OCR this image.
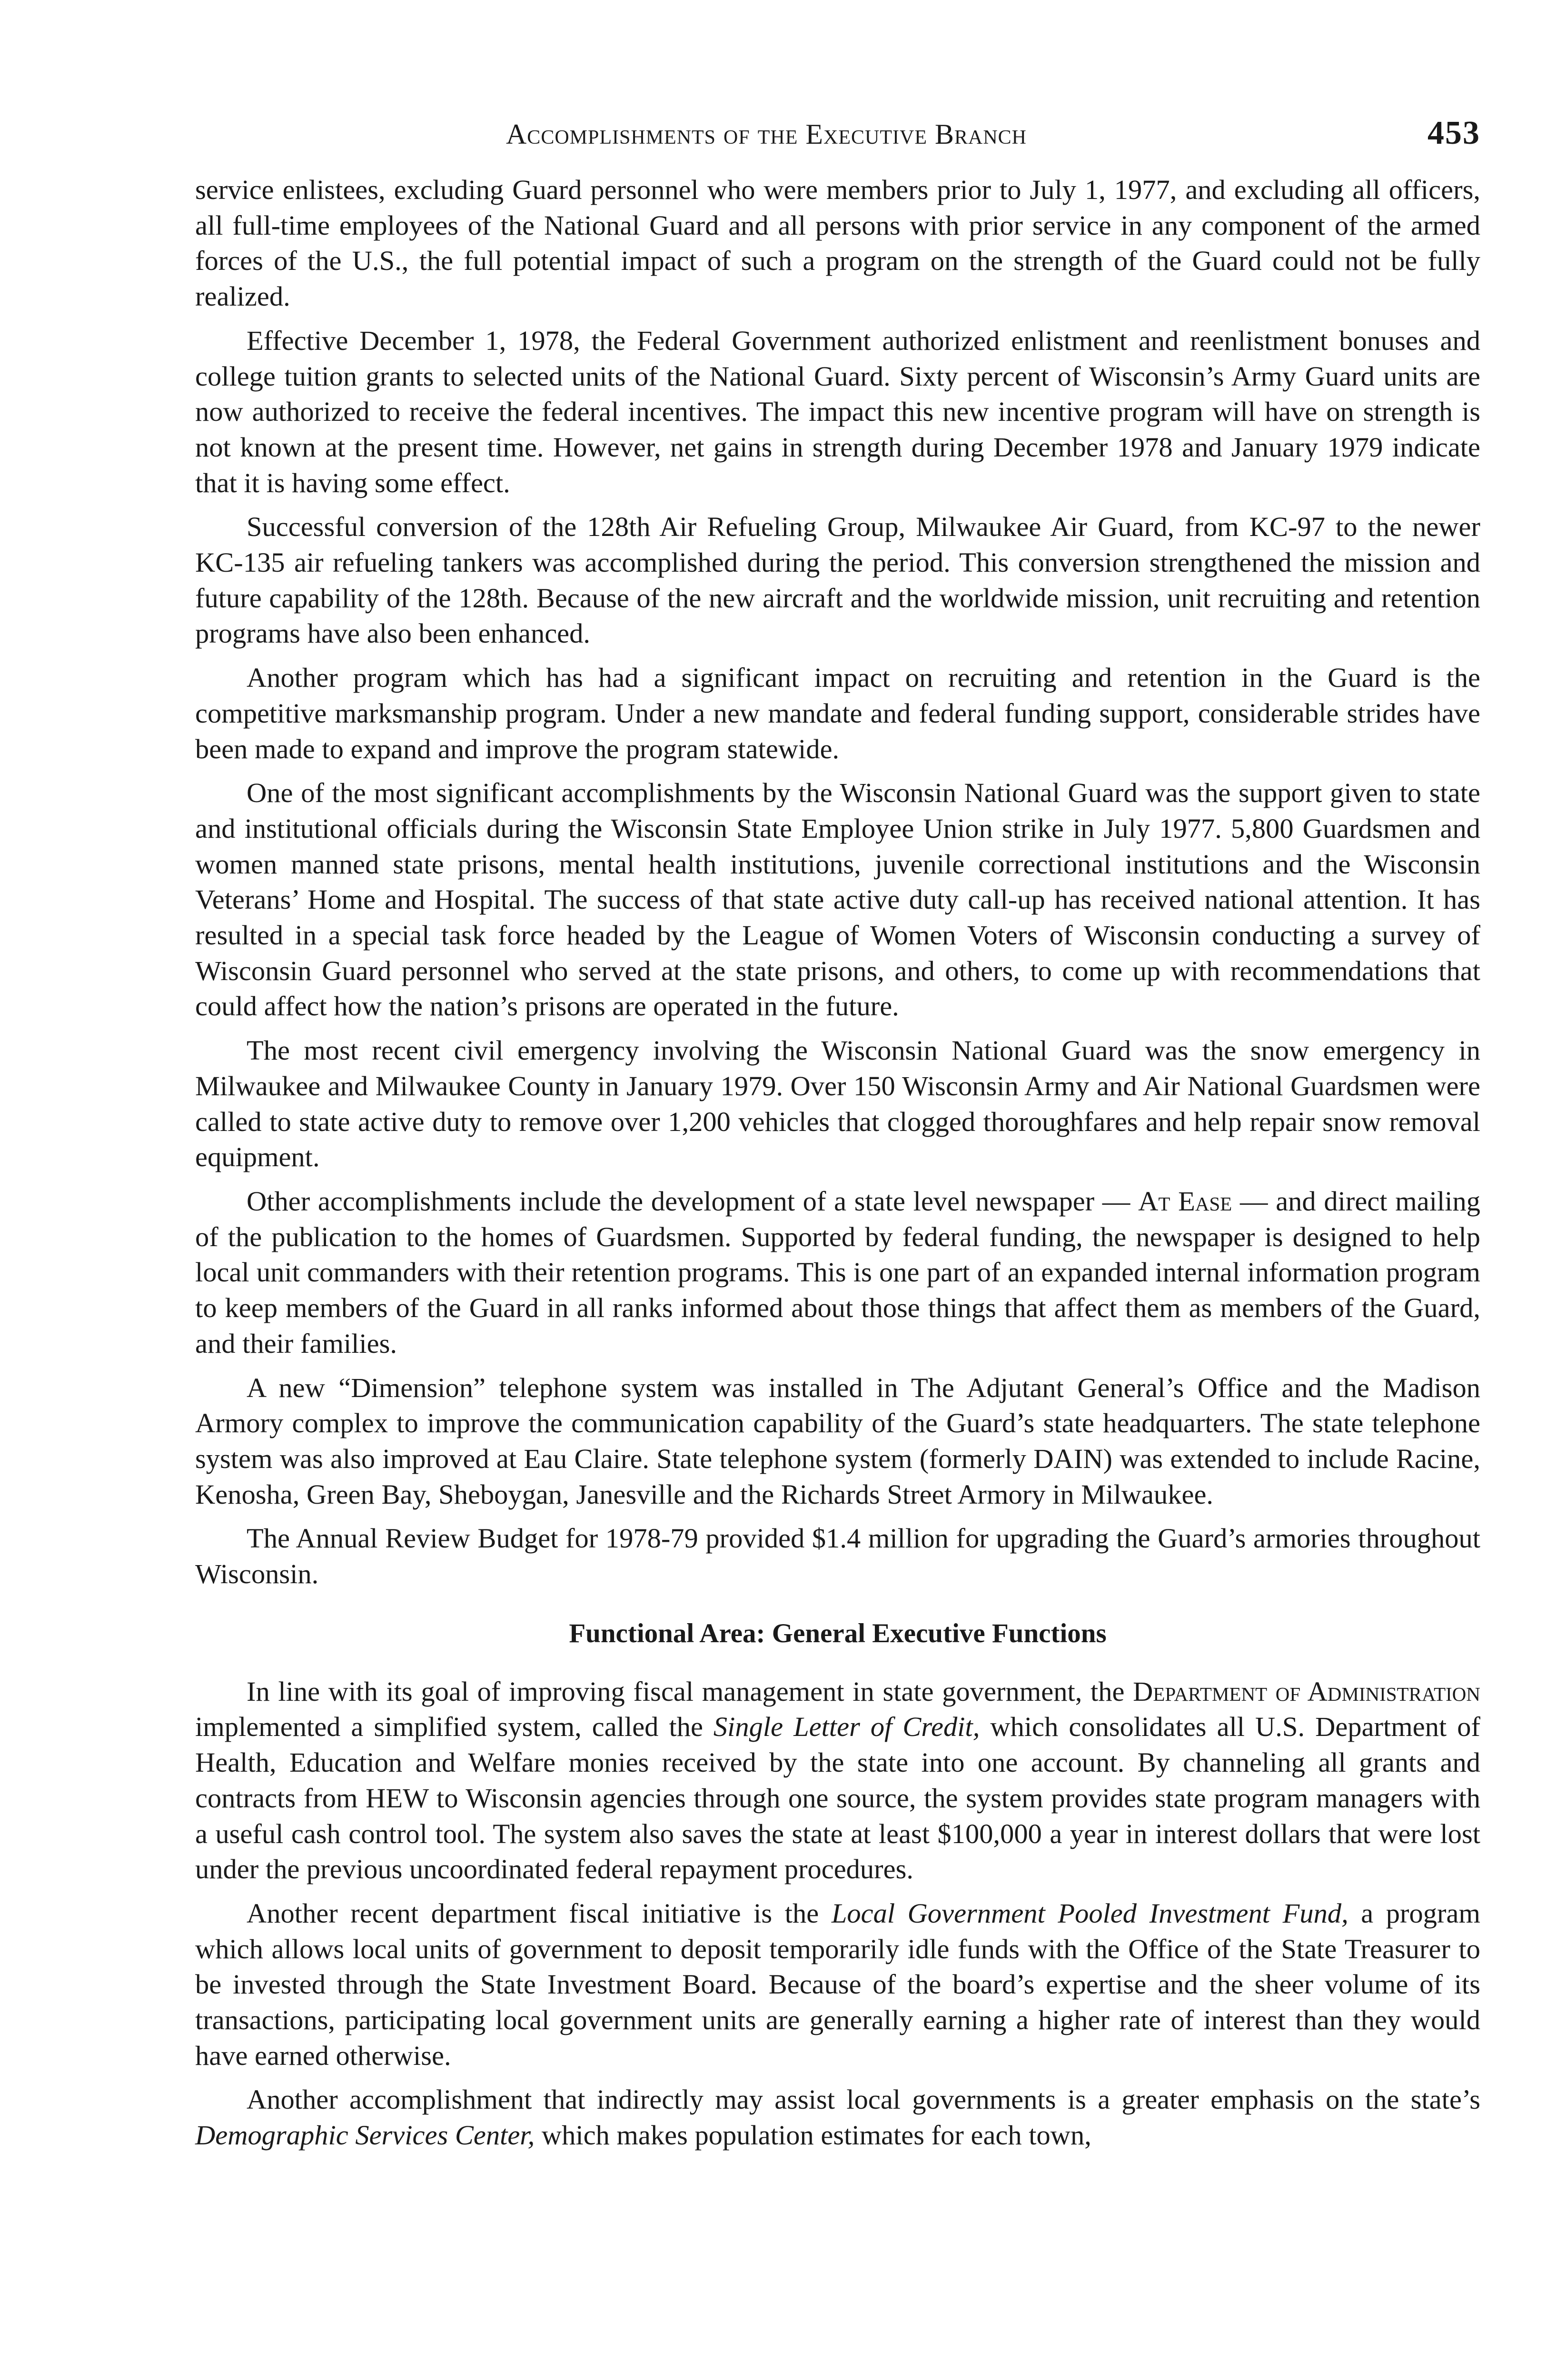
Accomplishments of the Executive Branch	453

service enlistees, excluding Guard personnel who were members prior to July 1, 1977, and excluding all officers, all full-time employees of the National Guard and all persons with prior service in any component of the armed forces of the U.S., the full potential impact of such a program on the strength of the Guard could not be fully realized.

Effective December 1, 1978, the Federal Government authorized enlistment and reenlistment bonuses and college tuition grants to selected units of the National Guard. Sixty percent of Wisconsin’s Army Guard units are now authorized to receive the federal incentives. The impact this new incentive program will have on strength is not known at the present time. However, net gains in strength during December 1978 and January 1979 indicate that it is having some effect.

Successful conversion of the 128th Air Refueling Group, Milwaukee Air Guard, from KC-97 to the newer KC-135 air refueling tankers was accomplished during the period. This conversion strengthened the mission and future capability of the 128th. Because of the new aircraft and the worldwide mission, unit recruiting and retention programs have also been enhanced.

Another program which has had a significant impact on recruiting and retention in the Guard is the competitive marksmanship program. Under a new mandate and federal funding support, considerable strides have been made to expand and improve the program statewide.

One of the most significant accomplishments by the Wisconsin National Guard was the support given to state and institutional officials during the Wisconsin State Employee Union strike in July 1977. 5,800 Guardsmen and women manned state prisons, mental health institutions, juvenile correctional institutions and the Wisconsin Veterans’ Home and Hospital. The success of that state active duty call-up has received national attention. It has resulted in a special task force headed by the League of Women Voters of Wisconsin conducting a survey of Wisconsin Guard personnel who served at the state prisons, and others, to come up with recommendations that could affect how the nation’s prisons are operated in the future.

The most recent civil emergency involving the Wisconsin National Guard was the snow emergency in Milwaukee and Milwaukee County in January 1979. Over 150 Wisconsin Army and Air National Guardsmen were called to state active duty to remove over 1,200 vehicles that clogged thoroughfares and help repair snow removal equipment.

Other accomplishments include the development of a state level newspaper — At Ease — and direct mailing of the publication to the homes of Guardsmen. Supported by federal funding, the newspaper is designed to help local unit commanders with their retention programs. This is one part of an expanded internal information program to keep members of the Guard in all ranks informed about those things that affect them as members of the Guard, and their families.

A new “Dimension” telephone system was installed in The Adjutant General’s Office and the Madison Armory complex to improve the communication capability of the Guard’s state headquarters. The state telephone system was also improved at Eau Claire. State telephone system (formerly DAIN) was extended to include Racine, Kenosha, Green Bay, Sheboygan, Janesville and the Richards Street Armory in Milwaukee.

The Annual Review Budget for 1978-79 provided $1.4 million for upgrading the Guard’s armories throughout Wisconsin.

Functional Area: General Executive Functions

In line with its goal of improving fiscal management in state government, the Department of Administration implemented a simplified system, called the Single Letter of Credit, which consolidates all U.S. Department of Health, Education and Welfare monies received by the state into one account. By channeling all grants and contracts from HEW to Wisconsin agencies through one source, the system provides state program managers with a useful cash control tool. The system also saves the state at least $100,000 a year in interest dollars that were lost under the previous uncoordinated federal repayment procedures.

Another recent department fiscal initiative is the Local Government Pooled Investment Fund, a program which allows local units of government to deposit temporarily idle funds with the Office of the State Treasurer to be invested through the State Investment Board. Because of the board’s expertise and the sheer volume of its transactions, participating local government units are generally earning a higher rate of interest than they would have earned otherwise.

Another accomplishment that indirectly may assist local governments is a greater emphasis on the state’s Demographic Services Center, which makes population estimates for each town,
